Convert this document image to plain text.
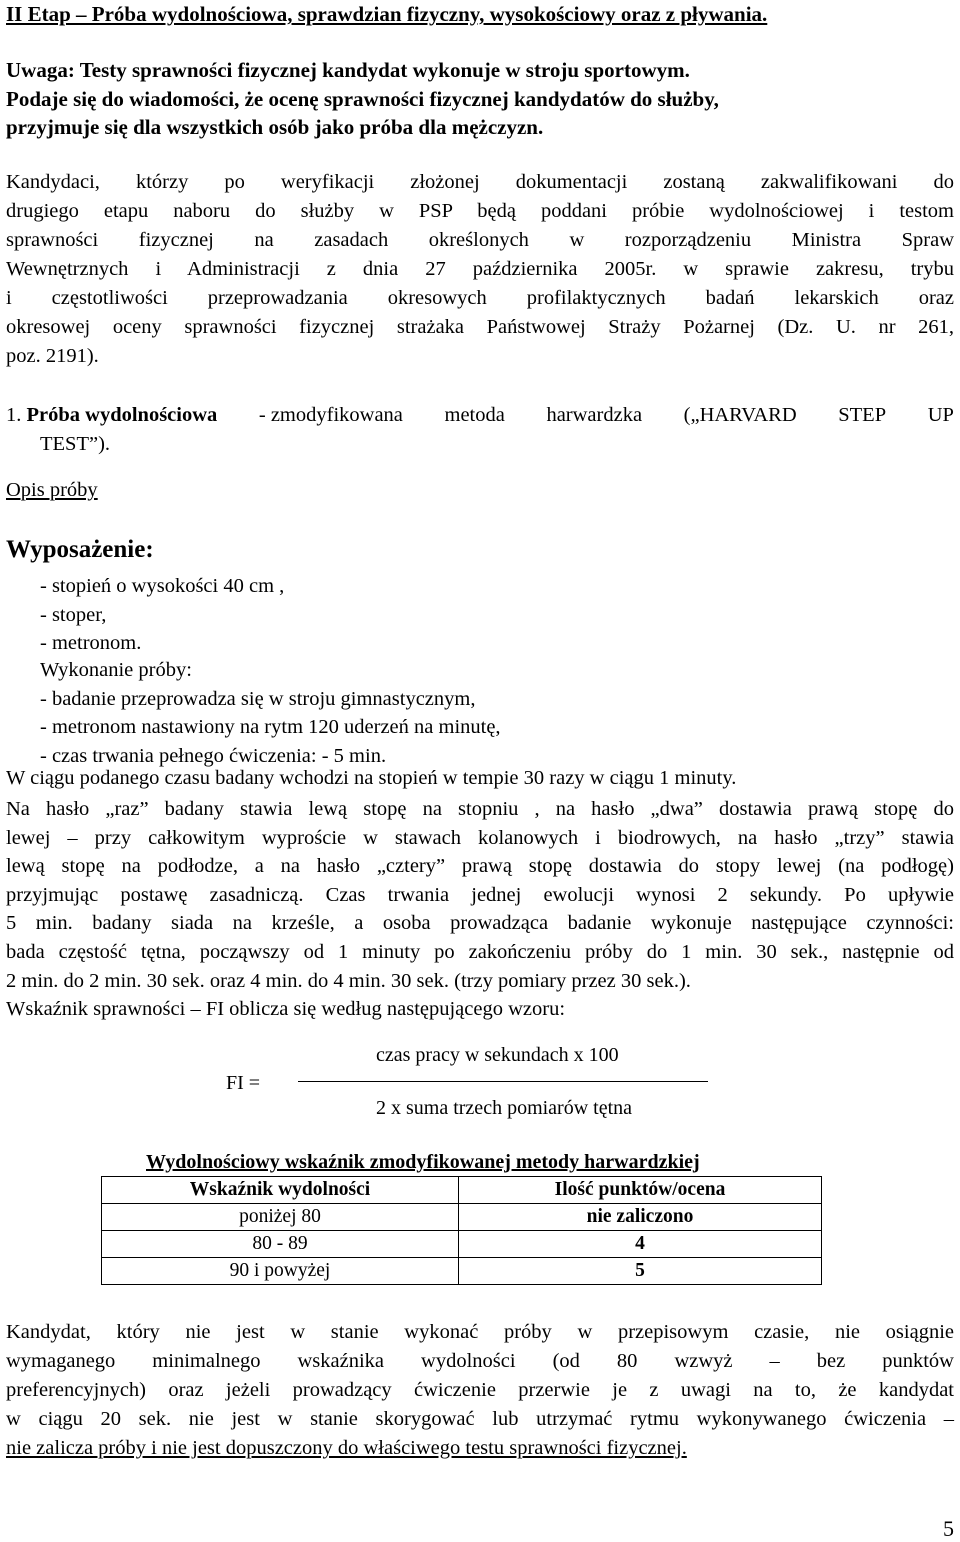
II Etap – Próba wydolnościowa, sprawdzian fizyczny, wysokościowy oraz z pływania.

Uwaga: Testy sprawności fizycznej kandydat wykonuje w stroju sportowym.
Podaje się do wiadomości, że ocenę sprawności fizycznej kandydatów do służby,
przyjmuje się dla wszystkich osób jako próba dla mężczyzn.
Kandydaci, którzy po weryfikacji złożonej dokumentacji zostaną zakwalifikowani do
drugiego etapu naboru do służby w PSP będą poddani próbie wydolnościowej i testom
sprawności fizycznej na zasadach określonych w rozporządzeniu Ministra Spraw
Wewnętrznych i Administracji z dnia 27 października 2005r. w sprawie zakresu, trybu
i częstotliwości przeprowadzania okresowych profilaktycznych badań lekarskich oraz
okresowej oceny sprawności fizycznej strażaka Państwowej Straży Pożarnej (Dz. U. nr 261,
poz. 2191).
1. Próba wydolnościowa - zmodyfikowana metoda harwardzka („HARVARD STEP UP
TEST”).

Opis próby

Wyposażenie:

- stopień o wysokości 40 cm ,
- stoper,
- metronom.
Wykonanie próby:
- badanie przeprowadza się w stroju gimnastycznym,
- metronom nastawiony na rytm 120 uderzeń na minutę,
- czas trwania pełnego ćwiczenia: - 5 min.

W ciągu podanego czasu badany wchodzi na stopień w tempie 30 razy w ciągu 1 minuty.

Na hasło „raz” badany stawia lewą stopę na stopniu , na hasło „dwa” dostawia prawą stopę do
lewej – przy całkowitym wyproście w stawach kolanowych i biodrowych, na hasło „trzy” stawia
lewą stopę na podłodze, a na hasło „cztery” prawą stopę dostawia do stopy lewej (na podłogę)
przyjmując postawę zasadniczą. Czas trwania jednej ewolucji wynosi 2 sekundy. Po upływie
5 min. badany siada na krześle, a osoba prowadząca badanie wykonuje następujące czynności:
bada częstość tętna, począwszy od 1 minuty po zakończeniu próby do 1 min. 30 sek., następnie od
2 min. do 2 min. 30 sek. oraz 4 min. do 4 min. 30 sek. (trzy pomiary przez 30 sek.).

Wskaźnik sprawności – FI oblicza się według następującego wzoru:

czas pracy w sekundach x 100
FI =
2 x suma trzech pomiarów tętna
Wydolnościowy wskaźnik zmodyfikowanej metody harwardzkiej
Wskaźnik wydolności	Ilość punktów/ocena
poniżej 80	nie zaliczono
80 - 89	4
90 i powyżej	5
Kandydat, który nie jest w stanie wykonać próby w przepisowym czasie, nie osiągnie
wymaganego minimalnego wskaźnika wydolności (od 80 wzwyż – bez punktów
preferencyjnych) oraz jeżeli prowadzący ćwiczenie przerwie je z uwagi na to, że kandydat
w ciągu 20 sek. nie jest w stanie skorygować lub utrzymać rytmu wykonywanego ćwiczenia –
nie zalicza próby i nie jest dopuszczony do właściwego testu sprawności fizycznej.
5
